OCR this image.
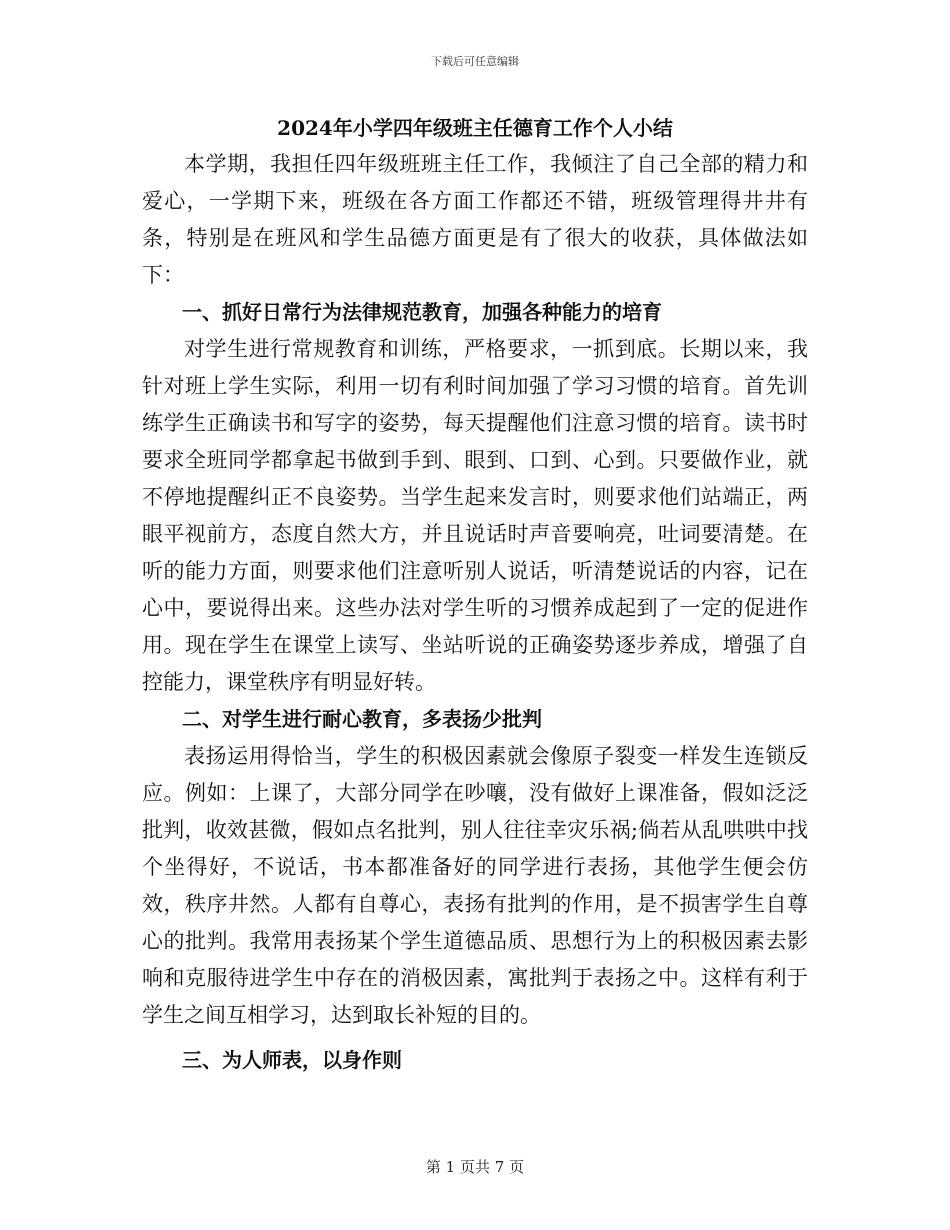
下载后可任意编辑
2024年小学四年级班主任德育工作个人小结

本学期，我担任四年级班班主任工作，我倾注了自己全部的精力和爱心，一学期下来，班级在各方面工作都还不错，班级管理得井井有条，特别是在班风和学生品德方面更是有了很大的收获，具体做法如下：

一、抓好日常行为法律规范教育，加强各种能力的培育

对学生进行常规教育和训练，严格要求，一抓到底。长期以来，我针对班上学生实际，利用一切有利时间加强了学习习惯的培育。首先训练学生正确读书和写字的姿势，每天提醒他们注意习惯的培育。读书时要求全班同学都拿起书做到手到、眼到、口到、心到。只要做作业，就不停地提醒纠正不良姿势。当学生起来发言时，则要求他们站端正，两眼平视前方，态度自然大方，并且说话时声音要响亮，吐词要清楚。在听的能力方面，则要求他们注意听别人说话，听清楚说话的内容，记在心中，要说得出来。这些办法对学生听的习惯养成起到了一定的促进作用。现在学生在课堂上读写、坐站听说的正确姿势逐步养成，增强了自控能力，课堂秩序有明显好转。

二、对学生进行耐心教育，多表扬少批判

表扬运用得恰当，学生的积极因素就会像原子裂变一样发生连锁反应。例如：上课了，大部分同学在吵嚷，没有做好上课准备，假如泛泛批判，收效甚微，假如点名批判，别人往往幸灾乐祸;倘若从乱哄哄中找个坐得好，不说话，书本都准备好的同学进行表扬，其他学生便会仿效，秩序井然。人都有自尊心，表扬有批判的作用，是不损害学生自尊心的批判。我常用表扬某个学生道德品质、思想行为上的积极因素去影响和克服待进学生中存在的消极因素，寓批判于表扬之中。这样有利于学生之间互相学习，达到取长补短的目的。

三、为人师表，以身作则
第 1 页共 7 页
